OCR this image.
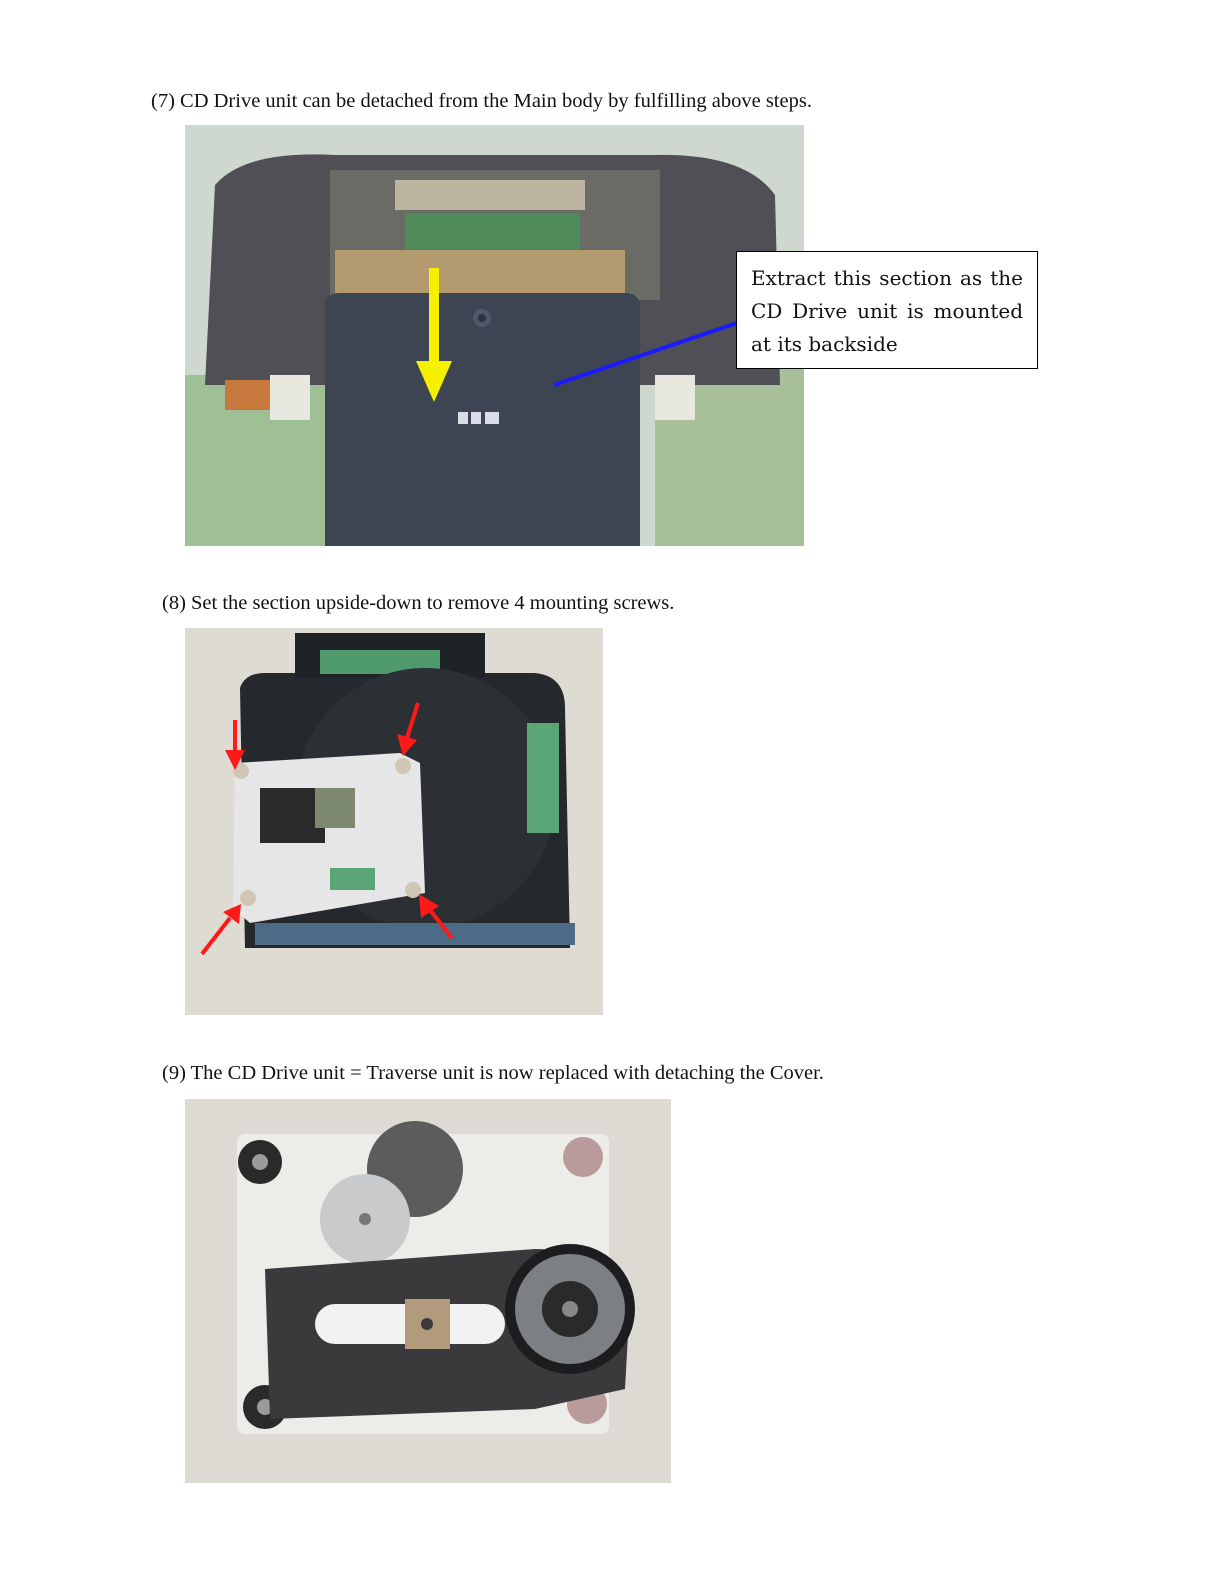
(7) CD Drive unit can be detached from the Main body by fulfilling above steps.
Extract this section as the CD Drive unit is mounted at its backside
(8) Set the section upside-down to remove 4 mounting screws.
(9) The CD Drive unit = Traverse unit is now replaced with detaching the Cover.
